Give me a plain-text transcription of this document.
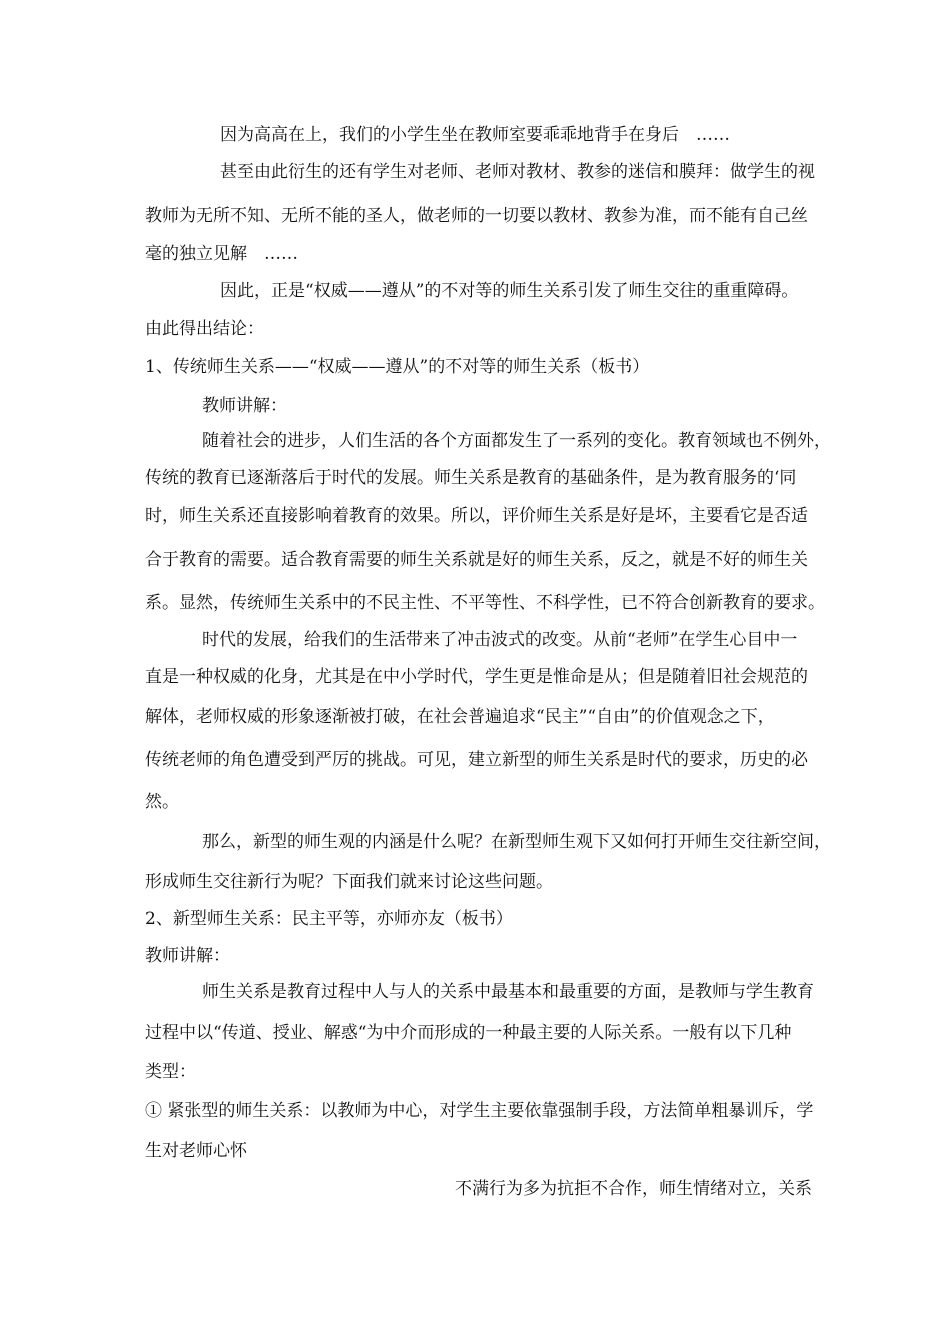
因为高高在上，我们的小学生坐在教师室要乖乖地背手在身后　……

甚至由此衍生的还有学生对老师、老师对教材、教参的迷信和膜拜：做学生的视

教师为无所不知、无所不能的圣人，做老师的一切要以教材、教参为准，而不能有自己丝

毫的独立见解　……

因此，正是“权威——遵从”的不对等的师生关系引发了师生交往的重重障碍。

由此得出结论：

1、传统师生关系——“权威——遵从”的不对等的师生关系（板书）

教师讲解：

随着社会的进步，人们生活的各个方面都发生了一系列的变化。教育领域也不例外，

传统的教育已逐渐落后于时代的发展。师生关系是教育的基础条件，是为教育服务的‘同

时，师生关系还直接影响着教育的效果。所以，评价师生关系是好是坏，主要看它是否适

合于教育的需要。适合教育需要的师生关系就是好的师生关系，反之，就是不好的师生关

系。显然，传统师生关系中的不民主性、不平等性、不科学性，已不符合创新教育的要求。

时代的发展，给我们的生活带来了冲击波式的改变。从前“老师”在学生心目中一

直是一种权威的化身，尤其是在中小学时代，学生更是惟命是从；但是随着旧社会规范的

解体，老师权威的形象逐渐被打破，在社会普遍追求“民主”“自由”的价值观念之下，

传统老师的角色遭受到严厉的挑战。可见，建立新型的师生关系是时代的要求，历史的必

然。

那么，新型的师生观的内涵是什么呢？在新型师生观下又如何打开师生交往新空间，

形成师生交往新行为呢？下面我们就来讨论这些问题。

2、新型师生关系：民主平等，亦师亦友（板书）

教师讲解：

师生关系是教育过程中人与人的关系中最基本和最重要的方面，是教师与学生教育

过程中以“传道、授业、解惑“为中介而形成的一种最主要的人际关系。一般有以下几种

类型：

① 紧张型的师生关系：以教师为中心，对学生主要依靠强制手段，方法简单粗暴训斥，学

生对老师心怀

不满行为多为抗拒不合作，师生情绪对立，关系
